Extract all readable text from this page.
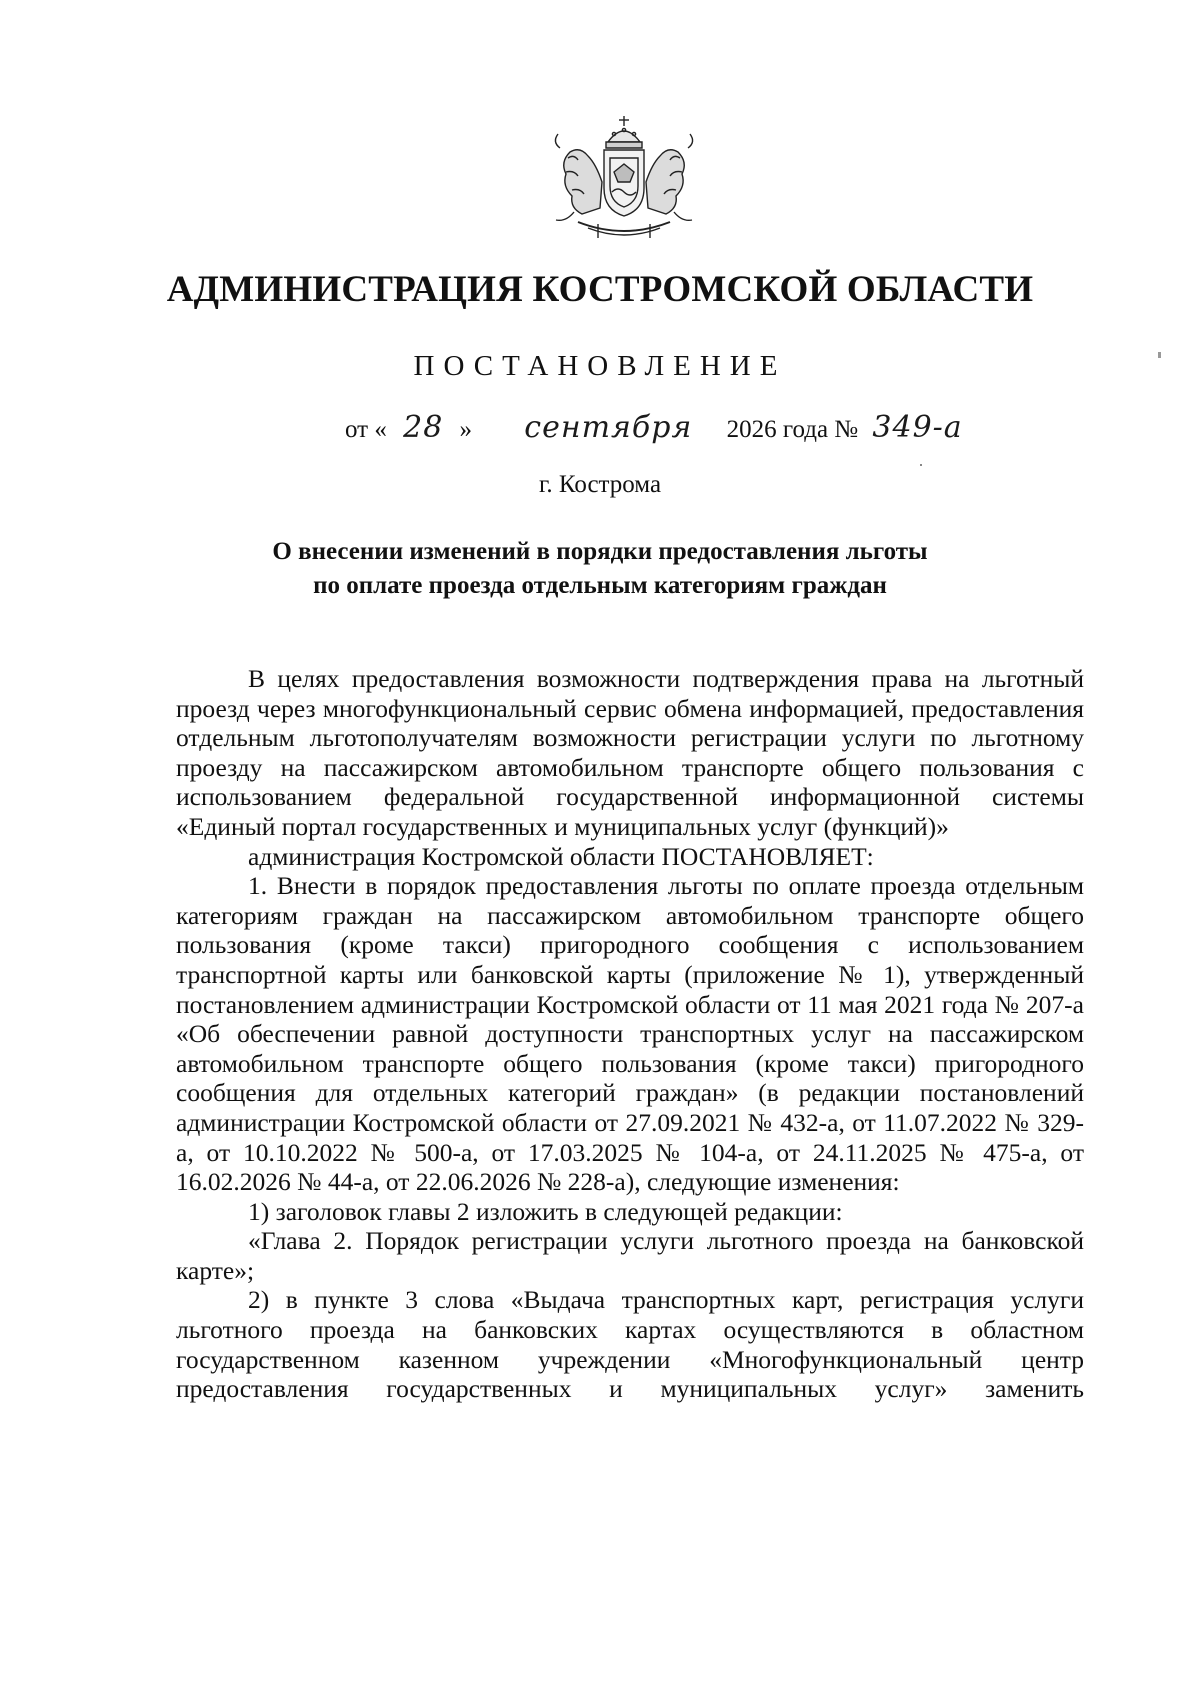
АДМИНИСТРАЦИЯ КОСТРОМСКОЙ ОБЛАСТИ
ПОСТАНОВЛЕНИЕ
от « 28 » сентября 2026 года № 349-а
г. Кострома
О внесении изменений в порядки предоставления льготы
по оплате проезда отдельным категориям граждан

В целях предоставления возможности подтверждения права на льготный проезд через многофункциональный сервис обмена информацией, предоставления отдельным льготополучателям возможности регистрации услуги по льготному проезду на пассажирском автомобильном транспорте общего пользования с использованием федеральной государственной информационной системы «Единый портал государственных и муниципальных услуг (функций)»

администрация Костромской области ПОСТАНОВЛЯЕТ:

1. Внести в порядок предоставления льготы по оплате проезда отдельным категориям граждан на пассажирском автомобильном транспорте общего пользования (кроме такси) пригородного сообщения с использованием транспортной карты или банковской карты (приложение № 1), утвержденный постановлением администрации Костромской области от 11 мая 2021 года № 207-а «Об обеспечении равной доступности транспортных услуг на пассажирском автомобильном транспорте общего пользования (кроме такси) пригородного сообщения для отдельных категорий граждан» (в редакции постановлений администрации Костромской области от 27.09.2021 № 432-а, от 11.07.2022 № 329-а, от 10.10.2022 № 500-а, от 17.03.2025 № 104-а, от 24.11.2025 № 475-а, от 16.02.2026 № 44-а, от 22.06.2026 № 228-а), следующие изменения:

1) заголовок главы 2 изложить в следующей редакции:

«Глава 2. Порядок регистрации услуги льготного проезда на банковской карте»;

2) в пункте 3 слова «Выдача транспортных карт, регистрация услуги льготного проезда на банковских картах осуществляются в областном государственном казенном учреждении «Многофункциональный центр предоставления государственных и муниципальных услуг» заменить
